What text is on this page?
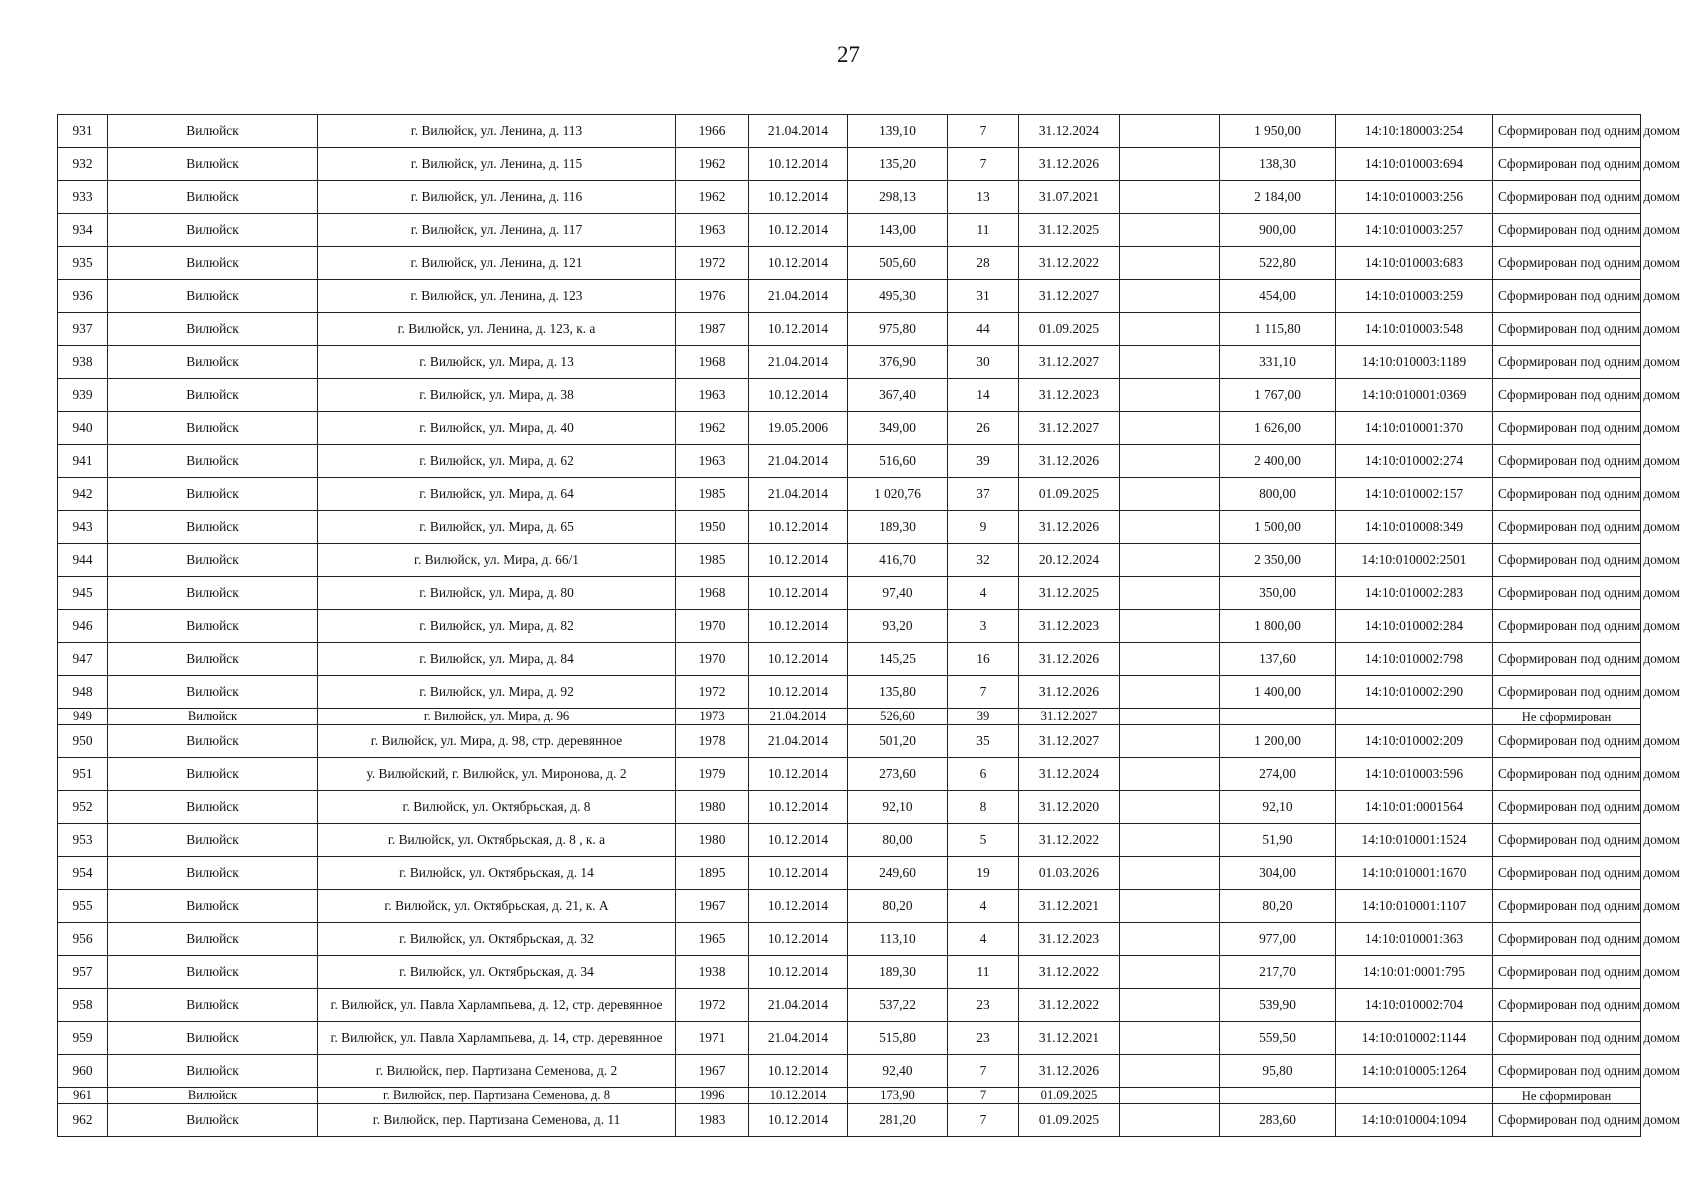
27
931	Вилюйск	г. Вилюйск, ул. Ленина, д. 113	1966	21.04.2014	139,10	7	31.12.2024		1 950,00	14:10:180003:254	Сформирован под одним домом
932	Вилюйск	г. Вилюйск, ул. Ленина, д. 115	1962	10.12.2014	135,20	7	31.12.2026		138,30	14:10:010003:694	Сформирован под одним домом
933	Вилюйск	г. Вилюйск, ул. Ленина, д. 116	1962	10.12.2014	298,13	13	31.07.2021		2 184,00	14:10:010003:256	Сформирован под одним домом
934	Вилюйск	г. Вилюйск, ул. Ленина, д. 117	1963	10.12.2014	143,00	11	31.12.2025		900,00	14:10:010003:257	Сформирован под одним домом
935	Вилюйск	г. Вилюйск, ул. Ленина, д. 121	1972	10.12.2014	505,60	28	31.12.2022		522,80	14:10:010003:683	Сформирован под одним домом
936	Вилюйск	г. Вилюйск, ул. Ленина, д. 123	1976	21.04.2014	495,30	31	31.12.2027		454,00	14:10:010003:259	Сформирован под одним домом
937	Вилюйск	г. Вилюйск, ул. Ленина, д. 123, к. а	1987	10.12.2014	975,80	44	01.09.2025		1 115,80	14:10:010003:548	Сформирован под одним домом
938	Вилюйск	г. Вилюйск, ул. Мира, д. 13	1968	21.04.2014	376,90	30	31.12.2027		331,10	14:10:010003:1189	Сформирован под одним домом
939	Вилюйск	г. Вилюйск, ул. Мира, д. 38	1963	10.12.2014	367,40	14	31.12.2023		1 767,00	14:10:010001:0369	Сформирован под одним домом
940	Вилюйск	г. Вилюйск, ул. Мира, д. 40	1962	19.05.2006	349,00	26	31.12.2027		1 626,00	14:10:010001:370	Сформирован под одним домом
941	Вилюйск	г. Вилюйск, ул. Мира, д. 62	1963	21.04.2014	516,60	39	31.12.2026		2 400,00	14:10:010002:274	Сформирован под одним домом
942	Вилюйск	г. Вилюйск, ул. Мира, д. 64	1985	21.04.2014	1 020,76	37	01.09.2025		800,00	14:10:010002:157	Сформирован под одним домом
943	Вилюйск	г. Вилюйск, ул. Мира, д. 65	1950	10.12.2014	189,30	9	31.12.2026		1 500,00	14:10:010008:349	Сформирован под одним домом
944	Вилюйск	г. Вилюйск, ул. Мира, д. 66/1	1985	10.12.2014	416,70	32	20.12.2024		2 350,00	14:10:010002:2501	Сформирован под одним домом
945	Вилюйск	г. Вилюйск, ул. Мира, д. 80	1968	10.12.2014	97,40	4	31.12.2025		350,00	14:10:010002:283	Сформирован под одним домом
946	Вилюйск	г. Вилюйск, ул. Мира, д. 82	1970	10.12.2014	93,20	3	31.12.2023		1 800,00	14:10:010002:284	Сформирован под одним домом
947	Вилюйск	г. Вилюйск, ул. Мира, д. 84	1970	10.12.2014	145,25	16	31.12.2026		137,60	14:10:010002:798	Сформирован под одним домом
948	Вилюйск	г. Вилюйск, ул. Мира, д. 92	1972	10.12.2014	135,80	7	31.12.2026		1 400,00	14:10:010002:290	Сформирован под одним домом
949	Вилюйск	г. Вилюйск, ул. Мира, д. 96	1973	21.04.2014	526,60	39	31.12.2027				Не сформирован
950	Вилюйск	г. Вилюйск, ул. Мира, д. 98, стр. деревянное	1978	21.04.2014	501,20	35	31.12.2027		1 200,00	14:10:010002:209	Сформирован под одним домом
951	Вилюйск	у. Вилюйский, г. Вилюйск, ул. Миронова, д. 2	1979	10.12.2014	273,60	6	31.12.2024		274,00	14:10:010003:596	Сформирован под одним домом
952	Вилюйск	г. Вилюйск, ул. Октябрьская, д. 8	1980	10.12.2014	92,10	8	31.12.2020		92,10	14:10:01:0001564	Сформирован под одним домом
953	Вилюйск	г. Вилюйск, ул. Октябрьская, д. 8 , к. а	1980	10.12.2014	80,00	5	31.12.2022		51,90	14:10:010001:1524	Сформирован под одним домом
954	Вилюйск	г. Вилюйск, ул. Октябрьская, д. 14	1895	10.12.2014	249,60	19	01.03.2026		304,00	14:10:010001:1670	Сформирован под одним домом
955	Вилюйск	г. Вилюйск, ул. Октябрьская, д. 21, к. А	1967	10.12.2014	80,20	4	31.12.2021		80,20	14:10:010001:1107	Сформирован под одним домом
956	Вилюйск	г. Вилюйск, ул. Октябрьская, д. 32	1965	10.12.2014	113,10	4	31.12.2023		977,00	14:10:010001:363	Сформирован под одним домом
957	Вилюйск	г. Вилюйск, ул. Октябрьская, д. 34	1938	10.12.2014	189,30	11	31.12.2022		217,70	14:10:01:0001:795	Сформирован под одним домом
958	Вилюйск	г. Вилюйск, ул. Павла Харлампьева, д. 12, стр. деревянное	1972	21.04.2014	537,22	23	31.12.2022		539,90	14:10:010002:704	Сформирован под одним домом
959	Вилюйск	г. Вилюйск, ул. Павла Харлампьева, д. 14, стр. деревянное	1971	21.04.2014	515,80	23	31.12.2021		559,50	14:10:010002:1144	Сформирован под одним домом
960	Вилюйск	г. Вилюйск, пер. Партизана Семенова, д. 2	1967	10.12.2014	92,40	7	31.12.2026		95,80	14:10:010005:1264	Сформирован под одним домом
961	Вилюйск	г. Вилюйск, пер. Партизана Семенова, д. 8	1996	10.12.2014	173,90	7	01.09.2025				Не сформирован
962	Вилюйск	г. Вилюйск, пер. Партизана Семенова, д. 11	1983	10.12.2014	281,20	7	01.09.2025		283,60	14:10:010004:1094	Сформирован под одним домом
